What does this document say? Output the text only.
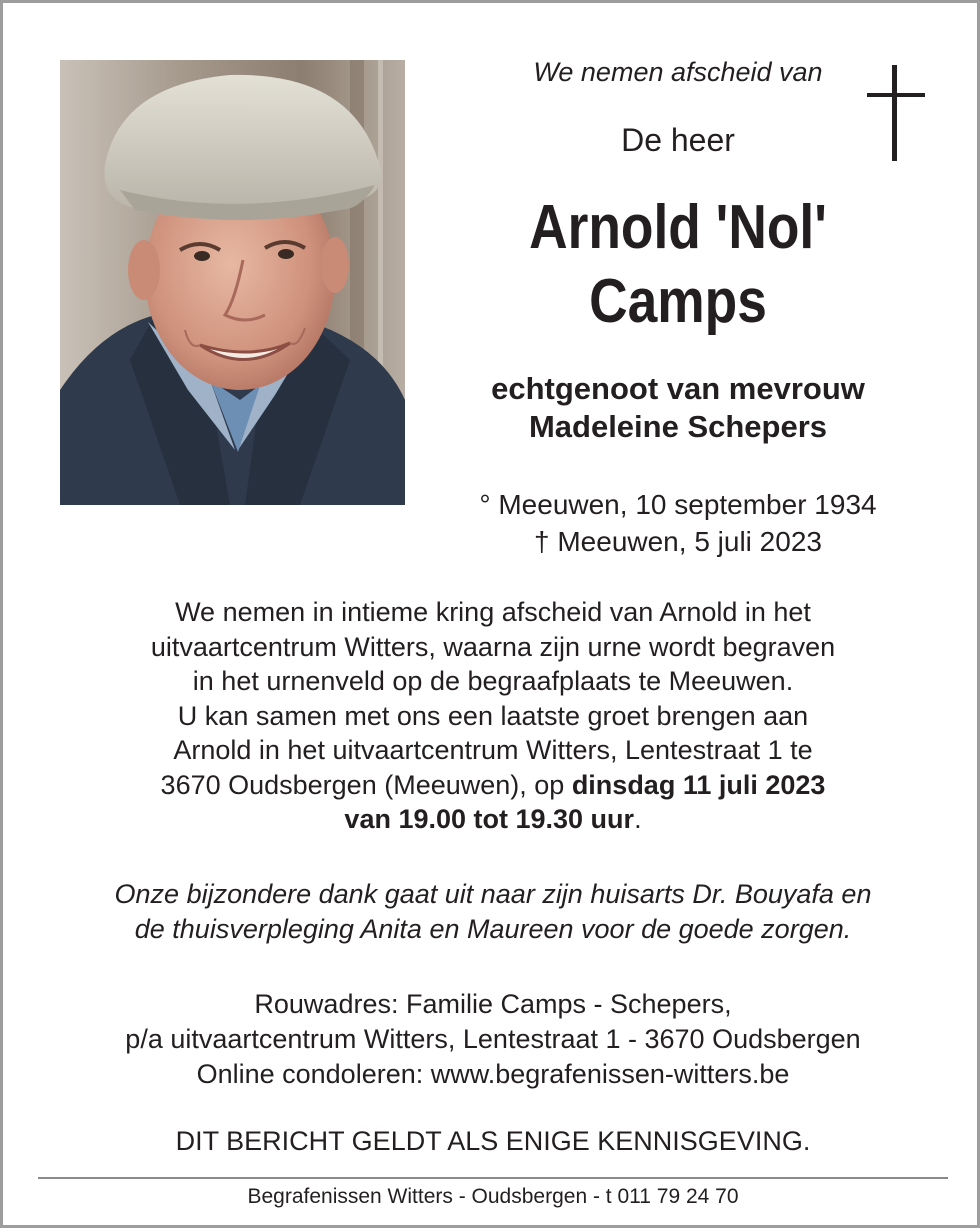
We nemen afscheid van
De heer
Arnold 'Nol'
Camps
echtgenoot van mevrouw
Madeleine Schepers
° Meeuwen, 10 september 1934
† Meeuwen, 5 juli 2023
We nemen in intieme kring afscheid van Arnold in het
uitvaartcentrum Witters, waarna zijn urne wordt begraven
in het urnenveld op de begraafplaats te Meeuwen.
U kan samen met ons een laatste groet brengen aan
Arnold in het uitvaartcentrum Witters, Lentestraat 1 te
3670 Oudsbergen (Meeuwen), op dinsdag 11 juli 2023
van 19.00 tot 19.30 uur.
Onze bijzondere dank gaat uit naar zijn huisarts Dr. Bouyafa en
de thuisverpleging Anita en Maureen voor de goede zorgen.
Rouwadres: Familie Camps - Schepers,
p/a uitvaartcentrum Witters, Lentestraat 1 - 3670 Oudsbergen
Online condoleren: www.begrafenissen-witters.be
DIT BERICHT GELDT ALS ENIGE KENNISGEVING.
Begrafenissen Witters - Oudsbergen - t 011 79 24 70
